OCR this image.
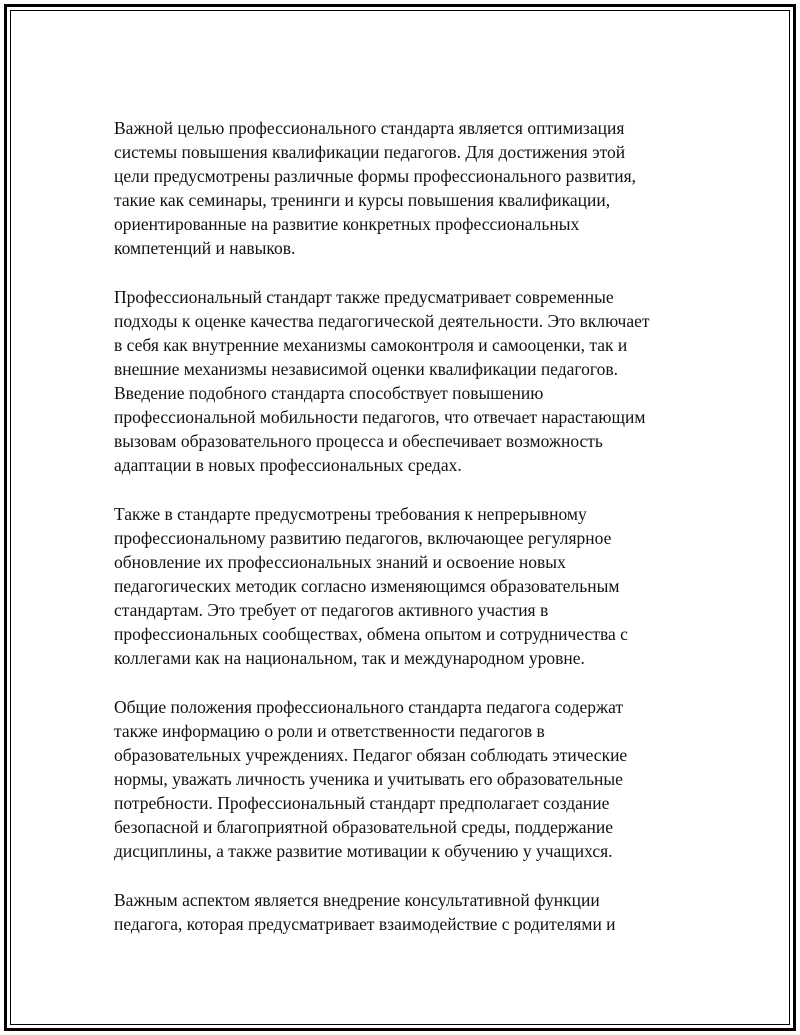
Важной целью профессионального стандарта является оптимизация
системы повышения квалификации педагогов. Для достижения этой
цели предусмотрены различные формы профессионального развития,
такие как семинары, тренинги и курсы повышения квалификации,
ориентированные на развитие конкретных профессиональных
компетенций и навыков.

Профессиональный стандарт также предусматривает современные
подходы к оценке качества педагогической деятельности. Это включает
в себя как внутренние механизмы самоконтроля и самооценки, так и
внешние механизмы независимой оценки квалификации педагогов.
Введение подобного стандарта способствует повышению
профессиональной мобильности педагогов, что отвечает нарастающим
вызовам образовательного процесса и обеспечивает возможность
адаптации в новых профессиональных средах.

Также в стандарте предусмотрены требования к непрерывному
профессиональному развитию педагогов, включающее регулярное
обновление их профессиональных знаний и освоение новых
педагогических методик согласно изменяющимся образовательным
стандартам. Это требует от педагогов активного участия в
профессиональных сообществах, обмена опытом и сотрудничества с
коллегами как на национальном, так и международном уровне.

Общие положения профессионального стандарта педагога содержат
также информацию о роли и ответственности педагогов в
образовательных учреждениях. Педагог обязан соблюдать этические
нормы, уважать личность ученика и учитывать его образовательные
потребности. Профессиональный стандарт предполагает создание
безопасной и благоприятной образовательной среды, поддержание
дисциплины, а также развитие мотивации к обучению у учащихся.

Важным аспектом является внедрение консультативной функции
педагога, которая предусматривает взаимодействие с родителями и
